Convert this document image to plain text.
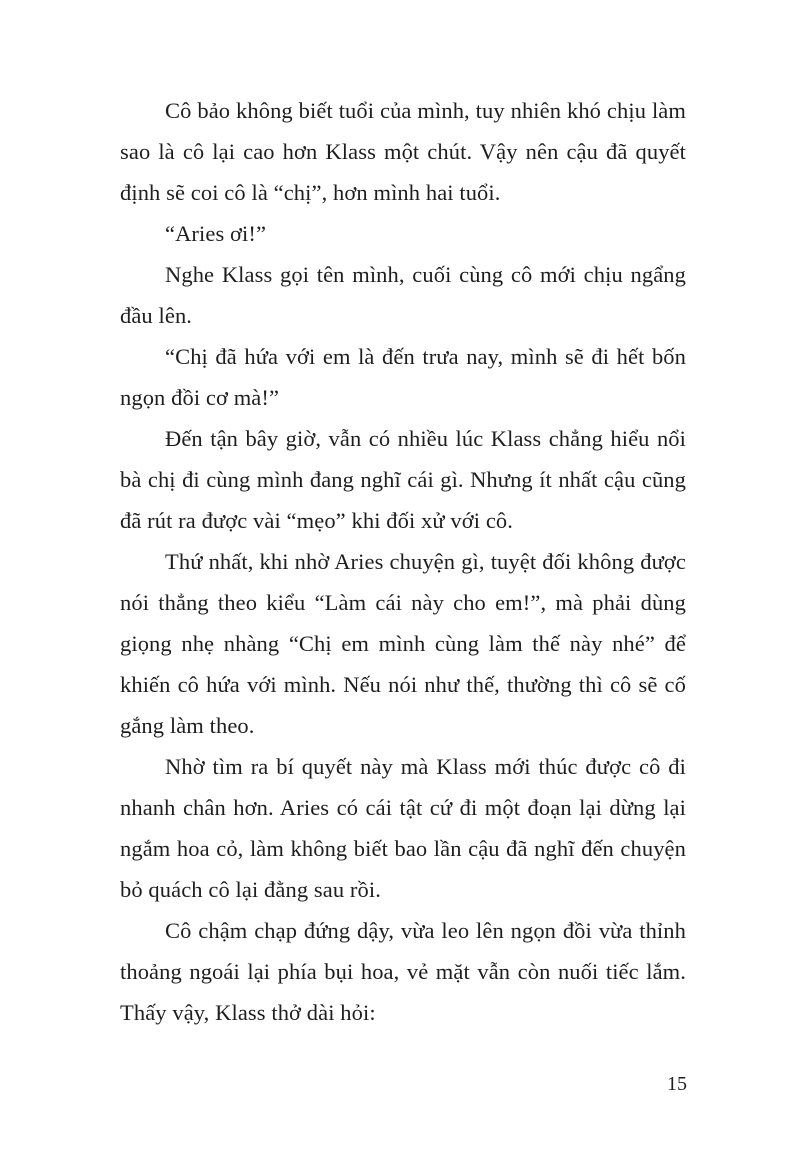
Cô bảo không biết tuổi của mình, tuy nhiên khó chịu làm sao là cô lại cao hơn Klass một chút. Vậy nên cậu đã quyết định sẽ coi cô là “chị”, hơn mình hai tuổi.

“Aries ơi!”

Nghe Klass gọi tên mình, cuối cùng cô mới chịu ngẩng đầu lên.

“Chị đã hứa với em là đến trưa nay, mình sẽ đi hết bốn ngọn đồi cơ mà!”

Đến tận bây giờ, vẫn có nhiều lúc Klass chẳng hiểu nổi bà chị đi cùng mình đang nghĩ cái gì. Nhưng ít nhất cậu cũng đã rút ra được vài “mẹo” khi đối xử với cô.

Thứ nhất, khi nhờ Aries chuyện gì, tuyệt đối không được nói thẳng theo kiểu “Làm cái này cho em!”, mà phải dùng giọng nhẹ nhàng “Chị em mình cùng làm thế này nhé” để khiến cô hứa với mình. Nếu nói như thế, thường thì cô sẽ cố gắng làm theo.

Nhờ tìm ra bí quyết này mà Klass mới thúc được cô đi nhanh chân hơn. Aries có cái tật cứ đi một đoạn lại dừng lại ngắm hoa cỏ, làm không biết bao lần cậu đã nghĩ đến chuyện bỏ quách cô lại đằng sau rồi.

Cô chậm chạp đứng dậy, vừa leo lên ngọn đồi vừa thỉnh thoảng ngoái lại phía bụi hoa, vẻ mặt vẫn còn nuối tiếc lắm. Thấy vậy, Klass thở dài hỏi:

15
